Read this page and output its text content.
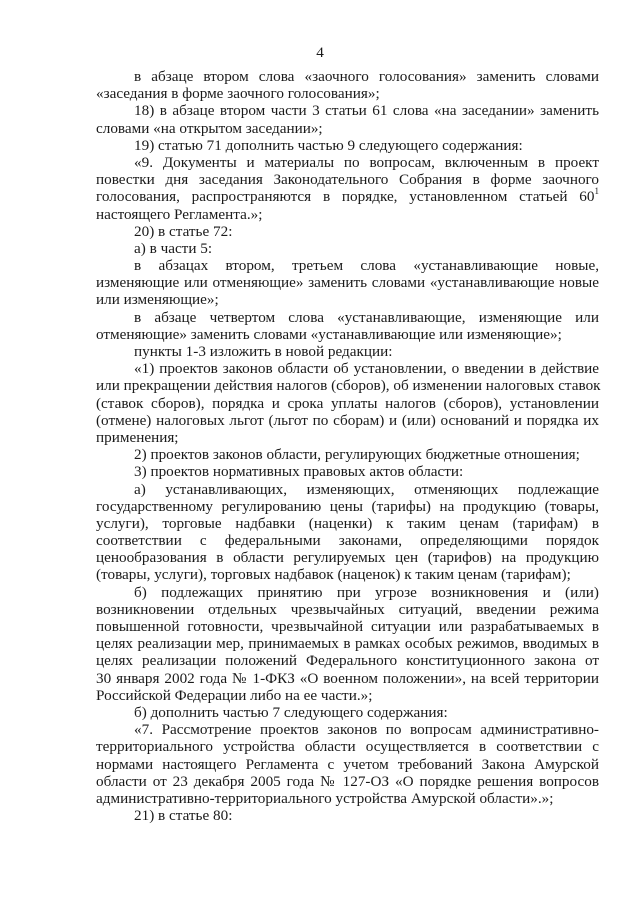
4
в абзаце втором слова «заочного голосования» заменить словами
«заседания в форме заочного голосования»;
18) в абзаце втором части 3 статьи 61 слова «на заседании» заменить
словами «на открытом заседании»;
19) статью 71 дополнить частью 9 следующего содержания:
«9. Документы и материалы по вопросам, включенным в проект
повестки дня заседания Законодательного Собрания в форме заочного
голосования, распространяются в порядке, установленном статьей $60^1$
настоящего Регламента.»;
20) в статье 72:
а) в части 5:
в абзацах втором, третьем слова «устанавливающие новые,
изменяющие или отменяющие» заменить словами «устанавливающие новые
или изменяющие»;
в абзаце четвертом слова «устанавливающие, изменяющие или
отменяющие» заменить словами «устанавливающие или изменяющие»;
пункты 1-3 изложить в новой редакции:
«1) проектов законов области об установлении, о введении в действие
или прекращении действия налогов (сборов), об изменении налоговых ставок
(ставок сборов), порядка и срока уплаты налогов (сборов), установлении
(отмене) налоговых льгот (льгот по сборам) и (или) оснований и порядка их
применения;
2) проектов законов области, регулирующих бюджетные отношения;
3) проектов нормативных правовых актов области:
а) устанавливающих, изменяющих, отменяющих подлежащие
государственному регулированию цены (тарифы) на продукцию (товары,
услуги), торговые надбавки (наценки) к таким ценам (тарифам) в
соответствии с федеральными законами, определяющими порядок
ценообразования в области регулируемых цен (тарифов) на продукцию
(товары, услуги), торговых надбавок (наценок) к таким ценам (тарифам);
б) подлежащих принятию при угрозе возникновения и (или)
возникновении отдельных чрезвычайных ситуаций, введении режима
повышенной готовности, чрезвычайной ситуации или разрабатываемых в
целях реализации мер, принимаемых в рамках особых режимов, вводимых в
целях реализации положений Федерального конституционного закона от
30 января 2002 года № 1-ФКЗ «О военном положении», на всей территории
Российской Федерации либо на ее части.»;
б) дополнить частью 7 следующего содержания:
«7. Рассмотрение проектов законов по вопросам административно-
территориального устройства области осуществляется в соответствии с
нормами настоящего Регламента с учетом требований Закона Амурской
области от 23 декабря 2005 года № 127-ОЗ «О порядке решения вопросов
административно-территориального устройства Амурской области».»;
21) в статье 80:
